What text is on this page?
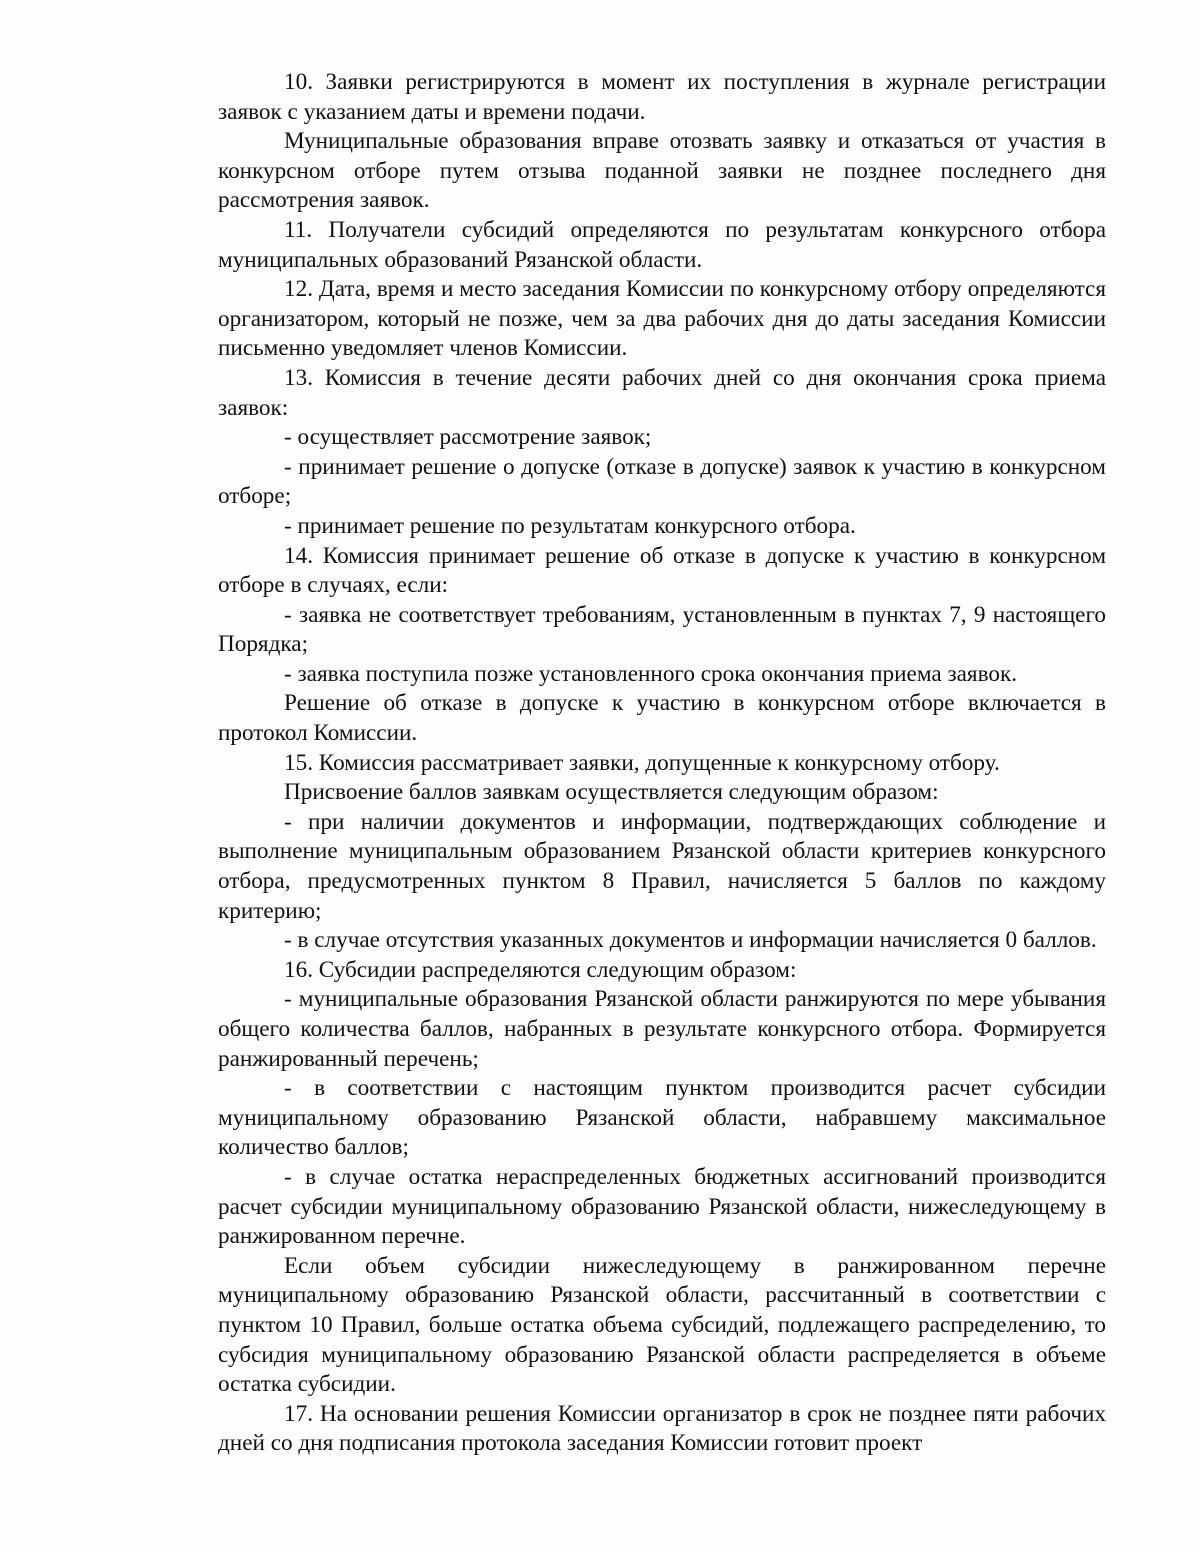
10. Заявки регистрируются в момент их поступления в журнале регистрации заявок с указанием даты и времени подачи.

Муниципальные образования вправе отозвать заявку и отказаться от участия в конкурсном отборе путем отзыва поданной заявки не позднее последнего дня рассмотрения заявок.

11. Получатели субсидий определяются по результатам конкурсного отбора муниципальных образований Рязанской области.

12. Дата, время и место заседания Комиссии по конкурсному отбору определяются организатором, который не позже, чем за два рабочих дня до даты заседания Комиссии письменно уведомляет членов Комиссии.

13. Комиссия в течение десяти рабочих дней со дня окончания срока приема заявок:

- осуществляет рассмотрение заявок;

- принимает решение о допуске (отказе в допуске) заявок к участию в конкурсном отборе;

- принимает решение по результатам конкурсного отбора.

14. Комиссия принимает решение об отказе в допуске к участию в конкурсном отборе в случаях, если:

- заявка не соответствует требованиям, установленным в пунктах 7, 9 настоящего Порядка;

- заявка поступила позже установленного срока окончания приема заявок.

Решение об отказе в допуске к участию в конкурсном отборе включается в протокол Комиссии.

15. Комиссия рассматривает заявки, допущенные к конкурсному отбору.

Присвоение баллов заявкам осуществляется следующим образом:

- при наличии документов и информации, подтверждающих соблюдение и выполнение муниципальным образованием Рязанской области критериев конкурсного отбора, предусмотренных пунктом 8 Правил, начисляется 5 баллов по каждому критерию;

- в случае отсутствия указанных документов и информации начисляется 0 баллов.

16. Субсидии распределяются следующим образом:

- муниципальные образования Рязанской области ранжируются по мере убывания общего количества баллов, набранных в результате конкурсного отбора. Формируется ранжированный перечень;

- в соответствии с настоящим пунктом производится расчет субсидии муниципальному образованию Рязанской области, набравшему максимальное количество баллов;

- в случае остатка нераспределенных бюджетных ассигнований производится расчет субсидии муниципальному образованию Рязанской области, нижеследующему в ранжированном перечне.

Если объем субсидии нижеследующему в ранжированном перечне муниципальному образованию Рязанской области, рассчитанный в соответствии с пунктом 10 Правил, больше остатка объема субсидий, подлежащего распределению, то субсидия муниципальному образованию Рязанской области распределяется в объеме остатка субсидии.

17. На основании решения Комиссии организатор в срок не позднее пяти рабочих дней со дня подписания протокола заседания Комиссии готовит проект
